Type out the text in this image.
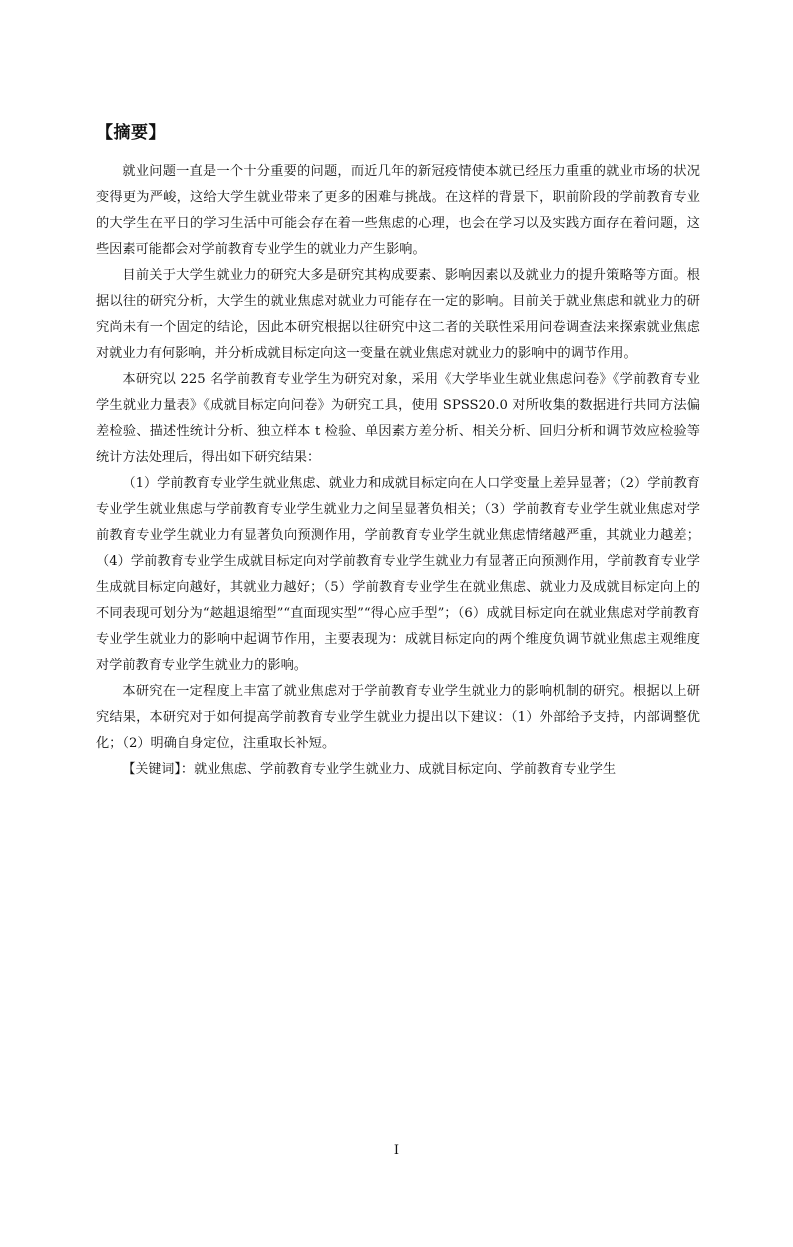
【摘要】

就业问题一直是一个十分重要的问题，而近几年的新冠疫情使本就已经压力重重的就业市场的状况变得更为严峻，这给大学生就业带来了更多的困难与挑战。在这样的背景下，职前阶段的学前教育专业的大学生在平日的学习生活中可能会存在着一些焦虑的心理，也会在学习以及实践方面存在着问题，这些因素可能都会对学前教育专业学生的就业力产生影响。

目前关于大学生就业力的研究大多是研究其构成要素、影响因素以及就业力的提升策略等方面。根据以往的研究分析，大学生的就业焦虑对就业力可能存在一定的影响。目前关于就业焦虑和就业力的研究尚未有一个固定的结论，因此本研究根据以往研究中这二者的关联性采用问卷调查法来探索就业焦虑对就业力有何影响，并分析成就目标定向这一变量在就业焦虑对就业力的影响中的调节作用。

本研究以 225 名学前教育专业学生为研究对象，采用《大学毕业生就业焦虑问卷》《学前教育专业学生就业力量表》《成就目标定向问卷》为研究工具，使用 SPSS20.0 对所收集的数据进行共同方法偏差检验、描述性统计分析、独立样本 t 检验、单因素方差分析、相关分析、回归分析和调节效应检验等统计方法处理后，得出如下研究结果：

（1）学前教育专业学生就业焦虑、就业力和成就目标定向在人口学变量上差异显著；（2）学前教育专业学生就业焦虑与学前教育专业学生就业力之间呈显著负相关；（3）学前教育专业学生就业焦虑对学前教育专业学生就业力有显著负向预测作用，学前教育专业学生就业焦虑情绪越严重，其就业力越差；（4）学前教育专业学生成就目标定向对学前教育专业学生就业力有显著正向预测作用，学前教育专业学生成就目标定向越好，其就业力越好；（5）学前教育专业学生在就业焦虑、就业力及成就目标定向上的不同表现可划分为“趑趄退缩型”“直面现实型”“得心应手型”；（6）成就目标定向在就业焦虑对学前教育专业学生就业力的影响中起调节作用，主要表现为：成就目标定向的两个维度负调节就业焦虑主观维度对学前教育专业学生就业力的影响。

本研究在一定程度上丰富了就业焦虑对于学前教育专业学生就业力的影响机制的研究。根据以上研究结果，本研究对于如何提高学前教育专业学生就业力提出以下建议：（1）外部给予支持，内部调整优化；（2）明确自身定位，注重取长补短。

【关键词】：就业焦虑、学前教育专业学生就业力、成就目标定向、学前教育专业学生

I
